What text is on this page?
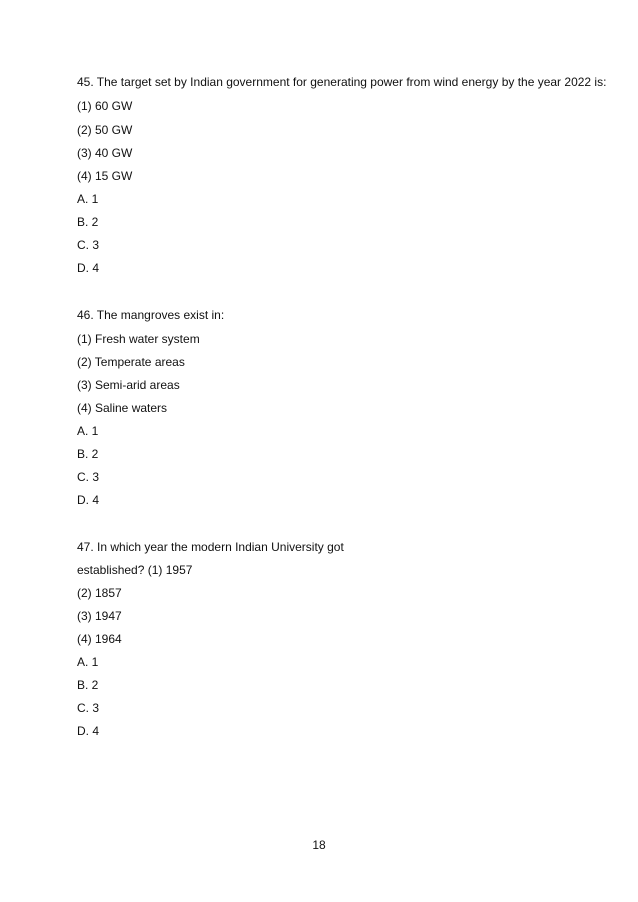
45. The target set by Indian government for generating power from wind energy by the year 2022 is:
(1) 60 GW
(2) 50 GW
(3) 40 GW
(4) 15 GW
A. 1
B. 2
C. 3
D. 4
46. The mangroves exist in:
(1) Fresh water system
(2) Temperate areas
(3) Semi-arid areas
(4) Saline waters
A. 1
B. 2
C. 3
D. 4
47. In which year the modern Indian University got
established? (1) 1957
(2) 1857
(3) 1947
(4) 1964
A. 1
B. 2
C. 3
D. 4
18
